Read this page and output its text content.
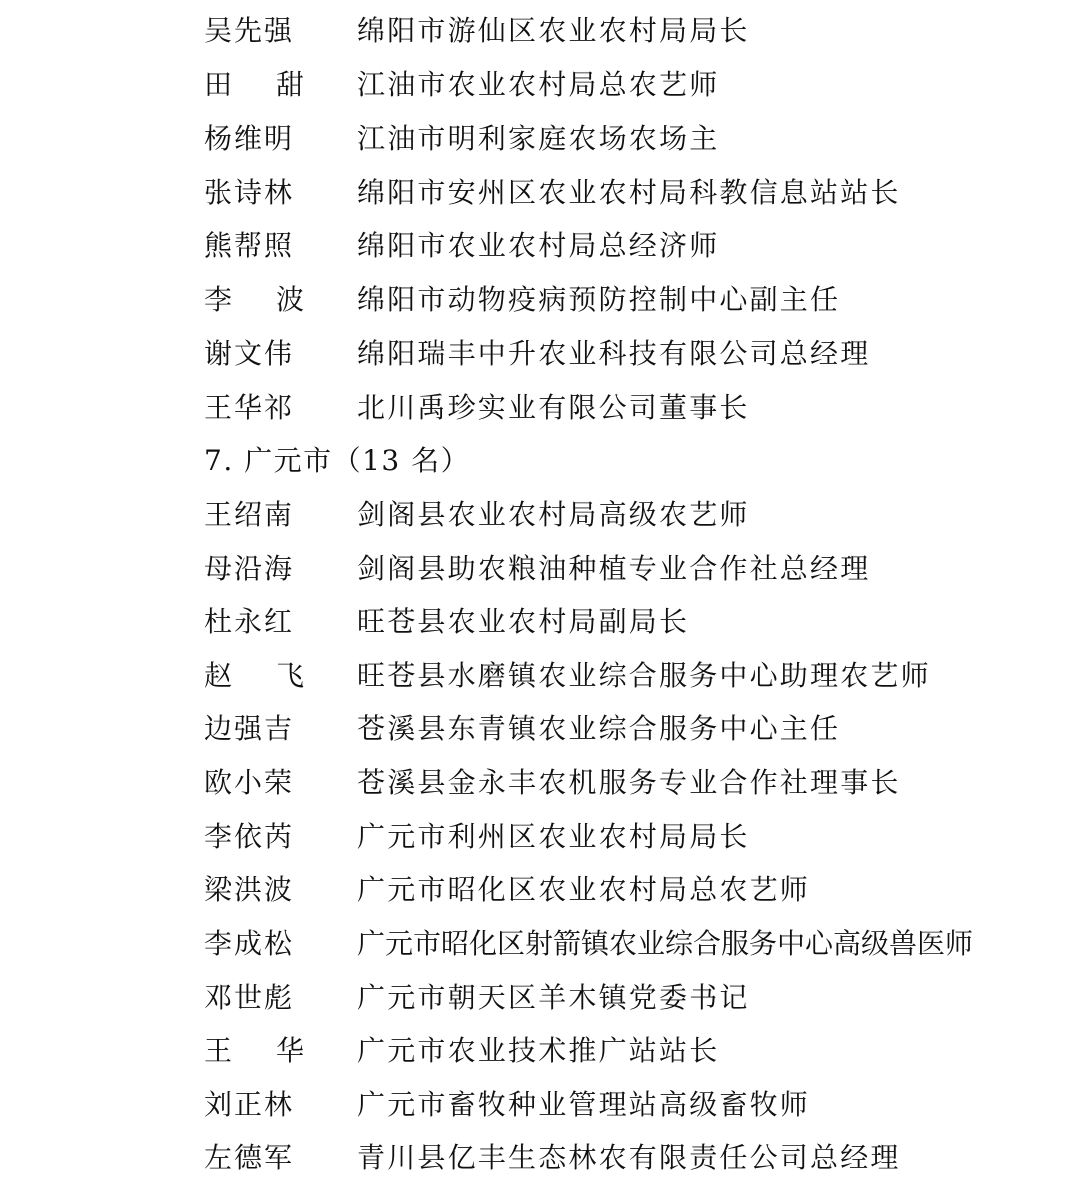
吴先强 绵阳市游仙区农业农村局局长
田甜 江油市农业农村局总农艺师
杨维明 江油市明利家庭农场农场主
张诗林 绵阳市安州区农业农村局科教信息站站长
熊帮照 绵阳市农业农村局总经济师
李波 绵阳市动物疫病预防控制中心副主任
谢文伟 绵阳瑞丰中升农业科技有限公司总经理
王华祁 北川禹珍实业有限公司董事长
7. 广元市（13 名）
王绍南 剑阁县农业农村局高级农艺师
母沿海 剑阁县助农粮油种植专业合作社总经理
杜永红 旺苍县农业农村局副局长
赵飞 旺苍县水磨镇农业综合服务中心助理农艺师
边强吉 苍溪县东青镇农业综合服务中心主任
欧小荣 苍溪县金永丰农机服务专业合作社理事长
李依芮 广元市利州区农业农村局局长
梁洪波 广元市昭化区农业农村局总农艺师
李成松 广元市昭化区射箭镇农业综合服务中心高级兽医师
邓世彪 广元市朝天区羊木镇党委书记
王华 广元市农业技术推广站站长
刘正林 广元市畜牧种业管理站高级畜牧师
左德军 青川县亿丰生态林农有限责任公司总经理
